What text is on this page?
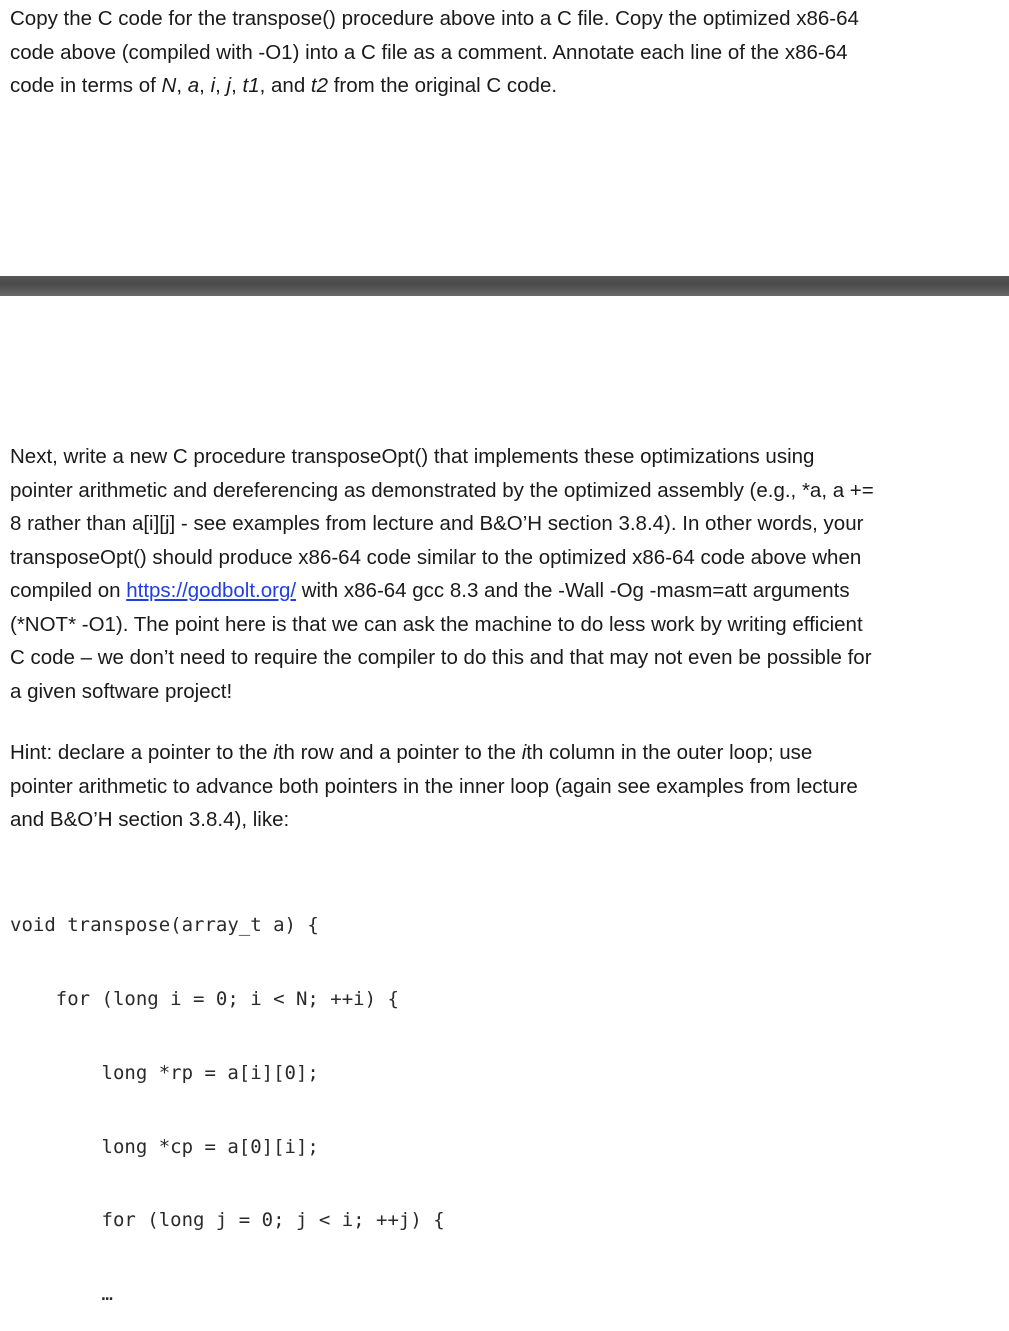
Copy the C code for the transpose() procedure above into a C file. Copy the optimized x86-64
code above (compiled with -O1) into a C file as a comment. Annotate each line of the x86-64
code in terms of N, a, i, j, t1, and t2 from the original C code.
Next, write a new C procedure transposeOpt() that implements these optimizations using
pointer arithmetic and dereferencing as demonstrated by the optimized assembly (e.g., *a, a +=
8 rather than a[i][j] - see examples from lecture and B&O’H section 3.8.4). In other words, your
transposeOpt() should produce x86-64 code similar to the optimized x86-64 code above when
compiled on https://godbolt.org/ with x86-64 gcc 8.3 and the -Wall -Og -masm=att arguments
(*NOT* -O1). The point here is that we can ask the machine to do less work by writing efficient
C code – we don’t need to require the compiler to do this and that may not even be possible for
a given software project!
Hint: declare a pointer to the ith row and a pointer to the ith column in the outer loop; use
pointer arithmetic to advance both pointers in the inner loop (again see examples from lecture
and B&O’H section 3.8.4), like:

void transpose(array_t a) {

for (long i = 0; i < N; ++i) {

long *rp = a[i][0];

long *cp = a[0][i];

for (long j = 0; j < i; ++j) {

…
